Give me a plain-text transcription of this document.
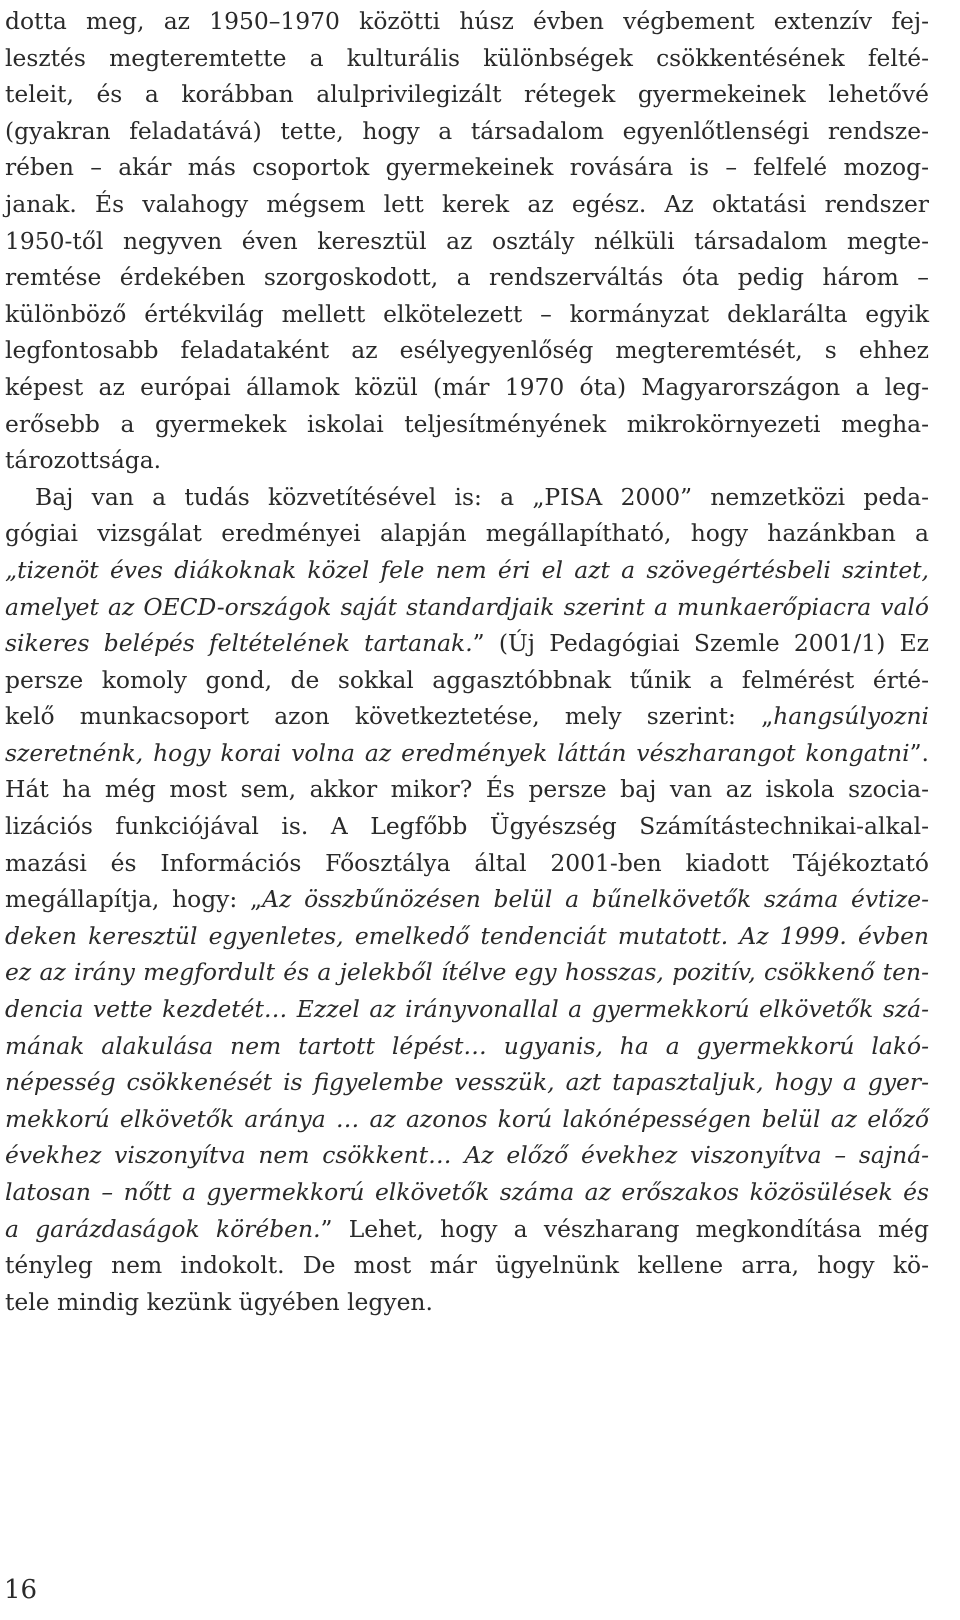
dotta meg, az 1950–1970 közötti húsz évben végbement extenzív fej-
lesztés megteremtette a kulturális különbségek csökkentésének felté-
teleit, és a korábban alulprivilegizált rétegek gyermekeinek lehetővé
(gyakran feladatává) tette, hogy a társadalom egyenlőtlenségi rendsze-
rében – akár más csoportok gyermekeinek rovására is – felfelé mozog-
janak. És valahogy mégsem lett kerek az egész. Az oktatási rendszer
1950-től negyven éven keresztül az osztály nélküli társadalom megte-
remtése érdekében szorgoskodott, a rendszerváltás óta pedig három –
különböző értékvilág mellett elkötelezett – kormányzat deklarálta egyik
legfontosabb feladataként az esélyegyenlőség megteremtését, s ehhez
képest az európai államok közül (már 1970 óta) Magyarországon a leg-
erősebb a gyermekek iskolai teljesítményének mikrokörnyezeti megha-
tározottsága.
Baj van a tudás közvetítésével is: a „PISA 2000” nemzetközi peda-
gógiai vizsgálat eredményei alapján megállapítható, hogy hazánkban a
„tizenöt éves diákoknak közel fele nem éri el azt a szövegértésbeli szintet,
amelyet az OECD-országok saját standardjaik szerint a munkaerőpiacra való
sikeres belépés feltételének tartanak.” (Új Pedagógiai Szemle 2001/1) Ez
persze komoly gond, de sokkal aggasztóbbnak tűnik a felmérést érté-
kelő munkacsoport azon következtetése, mely szerint: „hangsúlyozni
szeretnénk, hogy korai volna az eredmények láttán vészharangot kongatni”.
Hát ha még most sem, akkor mikor? És persze baj van az iskola szocia-
lizációs funkciójával is. A Legfőbb Ügyészség Számítástechnikai-alkal-
mazási és Információs Főosztálya által 2001-ben kiadott Tájékoztató
megállapítja, hogy: „Az összbűnözésen belül a bűnelkövetők száma évtize-
deken keresztül egyenletes, emelkedő tendenciát mutatott. Az 1999. évben
ez az irány megfordult és a jelekből ítélve egy hosszas, pozitív, csökkenő ten-
dencia vette kezdetét… Ezzel az irányvonallal a gyermekkorú elkövetők szá-
mának alakulása nem tartott lépést… ugyanis, ha a gyermekkorú lakó-
népesség csökkenését is figyelembe vesszük, azt tapasztaljuk, hogy a gyer-
mekkorú elkövetők aránya … az azonos korú lakónépességen belül az előző
évekhez viszonyítva nem csökkent… Az előző évekhez viszonyítva – sajná-
latosan – nőtt a gyermekkorú elkövetők száma az erőszakos közösülések és
a garázdaságok körében.” Lehet, hogy a vészharang megkondítása még
tényleg nem indokolt. De most már ügyelnünk kellene arra, hogy kö-
tele mindig kezünk ügyében legyen.
16
